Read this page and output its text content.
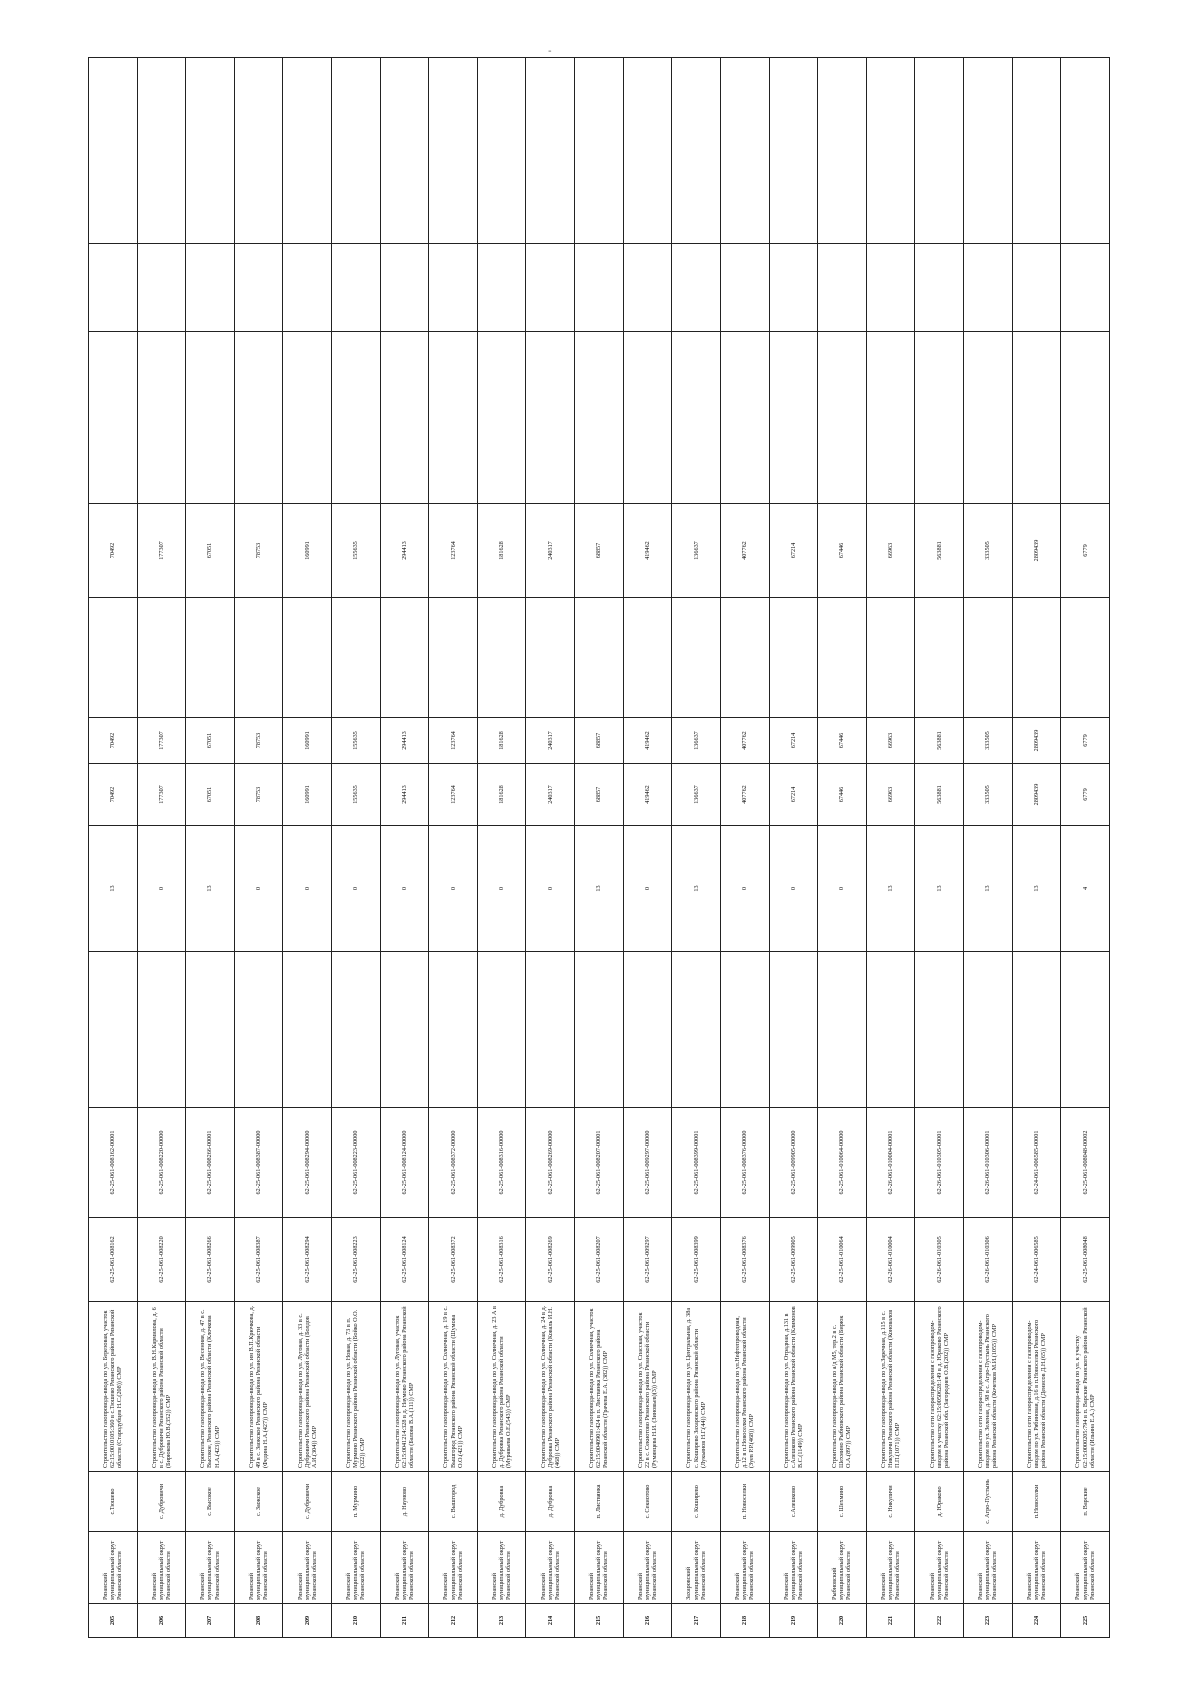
-
205	Рязанский муниципальный округ Рязанской области	с.Тюшево	Строительство газопровода-ввода по ул. Березовая, участок 62:15:0010105:360 в с.Тюшево Рязанского района Рязанской области (Стародубцев Н.С.(208)) СМР	62-25-061-008162	62-25-061-008162-00001		13	70492	70492		70492			
206	Рязанский муниципальный округ Рязанской области	с. Дубровичи	Строительство газопровода-ввода по ул. В.Н.Кармилова, д. 6 в с. Дубровичи Рязанского района Рязанской области (Бирюкова Ю.В.(352)) СМР	62-25-061-008220	62-25-061-008220-00000		0	177307	177307		177307			
207	Рязанский муниципальный округ Рязанской области	с. Высокое	Строительство газопровода-ввода по ул. Весенняя, д. 47 в с. Высокое, Рязанского района Рязанской области (Клочкова Н.А.(423)) СМР	62-25-061-008266	62-25-061-008266-00001		13	67051	67051		67051			
208	Рязанский муниципальный округ Рязанской области	с. Заокское	Строительство газопровода-ввода по ул. им В.П.Крючкова, д. 49 в с. Заокское Рязанского района Рязанской области (Федина Н.А.(427)) СМР	62-25-061-008387	62-25-061-008387-00000		0	78753	78753		78753			
209	Рязанский муниципальный округ Рязанской области	с. Дубровичи	Строительство газопровода-ввода по ул. Луговая, д. 33 в с. Дубровичи Рязанского района Рязанской области (Болдов А.И.(304)) СМР	62-25-061-008294	62-25-061-008294-00000		0	160991	160991		160991			
210	Рязанский муниципальный округ Рязанской области	п. Мурмино	Строительство газопровода-ввода по ул. Новая, д. 73 в п. Мурмино Рязанского района Рязанской области (Бойко О.О.(322)) СМР	62-25-061-008223	62-25-061-008223-00000		0	155635	155635		155635			
211	Рязанский муниципальный округ Рязанской области	д. Наумово	Строительство газопровода-ввода по ул. Луговая, участок 62:15:0041214:328 в д. Наумово Рязанского района Рязанской области (Балова В.А.(111)) СМР	62-25-061-008124	62-25-061-008124-00000		0	294413	294413		294413			
212	Рязанский муниципальный округ Рязанской области	с. Вышгород	Строительство газопровода-ввода по ул. Солнечная, д. 19 в с. Вышгород Рязанского района Рязанской области (Шумова О.О.(421)) СМР	62-25-061-008372	62-25-061-008372-00000		0	123764	123764		123764			
213	Рязанский муниципальный округ Рязанской области	д. Дубровка	Строительство газопровода-ввода по ул. Солнечная, д. 23 А в д. Дубровка Рязанского района Рязанской области (Муравьева О.Е.(543)) СМР	62-25-061-008316	62-25-061-008316-00000		0	181628	181628		181628			
214	Рязанский муниципальный округ Рязанской области	д. Дубровка	Строительство газопровода-ввода по ул. Солнечная, д. 24 в д. Дубровка Рязанского района Рязанской области (Коваль И.Н.(468)) СМР	62-25-061-008269	62-25-061-008269-00000		0	240317	240317		240317			
215	Рязанский муниципальный округ Рязанской области	п. Листвянка	Строительство газопровода-ввода по ул. Солнечная, участок 62:15:0040901:424 в п. Листвянка Рязанского района Рязанской области (Грачева Е.А. (382)) СМР	62-25-061-008207	62-25-061-008207-00001		13	68857	68857		68857			
216	Рязанский муниципальный округ Рязанской области	с. Секиотово	Строительство газопровода-ввода по ул. Спасская, участок 22 в с. Секиотово Рязанского района Рязанской области (Румянцева Н.И. (Зиновьев)(3)) СМР	62-25-061-009297	62-25-061-009297-00000		0	419462	419462		419462			
217	Захаровский муниципальный округ Рязанской области	с. Коширево	Строительство газопровода-ввода по ул. Центральная, д. 38а с. Коширево Захаровского района Рязанской области (Лукьянов Н.Г.(44)) СМР	62-25-061-008399	62-25-061-008399-00001		13	136637	136637		136637			
218	Рязанский муниципальный округ Рязанской области	п. Новоселки	Строительство газопровода-ввода по ул.Нефтепроводная, д.12 в п.Новоселки Рязанского района Рязанской области (Зуев Р.Р.(468)) СМР	62-25-061-008376	62-25-061-008376-00000		0	407762	407762		407762			
219	Рязанский муниципальный округ Рязанской области	с.Алешково	Строительство газопровода-ввода по ул. Отрадная, д.131 в с.Алешково Рязанского района Рязанской области (Климонов В.С.(1149)) СМР	62-25-061-009905	62-25-061-009905-00000		0	67214	67214		67214			
220	Рыбновский муниципальный округ Рязанской области	с. Шехмино	Строительство газопровода-ввода по а/д М5, тер.2 в с. Шехмино Рыбновского района Рязанской области (Бирюк О.А.(897)) СМР	62-25-061-010064	62-25-061-010064-00000		0	67446	67446		67446			
221	Рязанский муниципальный округ Рязанской области	с. Никуличи	Строительство газопровода-ввода по ул.Заречная, д.115 в с. Никуличи Рязанского района Рязанской области (Коновалов П.П.(1071)) СМР	62-26-061-010004	62-26-061-010004-00001		13	66963	66963		66963			
222	Рязанский муниципальный округ Рязанской области	д. Юраково	Строительство сети газораспределения с газопроводом-вводом к участку 62:15:0050628:149 в д. Юраково Рязанского района Рязанской обл. (Загороднев О.В.(202)) СМР	62-26-061-010305	62-26-061-010305-00001		13	563881	563881		563881			
223	Рязанский муниципальный округ Рязанской области	с. Агро-Пустынь	Строительство сети газораспределения с газопроводом-вводом по ул. Зеленая, д. 98 в с. Агро-Пустынь Рязанского района Рязанской области (Кочетков М.И.(1055)) СМР	62-26-061-010306	62-26-061-010306-00001		13	333505	333505		333505			
224	Рязанский муниципальный округ Рязанской области	п.Новоселки	Строительство сети газораспределения с газопроводом-вводом по ул. Рябиновая, д.16 в п.Новоселки Рязанского района Рязанской области (Денисов Д.Н.(65)) СМР	62-24-061-006585	62-24-061-006585-00001		13	2809439	2809439		2809439			
225	Рязанский муниципальный округ Рязанской области	п. Варские	Строительство газопровода-ввода по ул. к участку 62:15:0000205:794 в п. Варские Рязанского района Рязанской области (Ильина Е.А.) СМР	62-25-061-008048	62-25-061-008048-00002		4	6779	6779		6779			
